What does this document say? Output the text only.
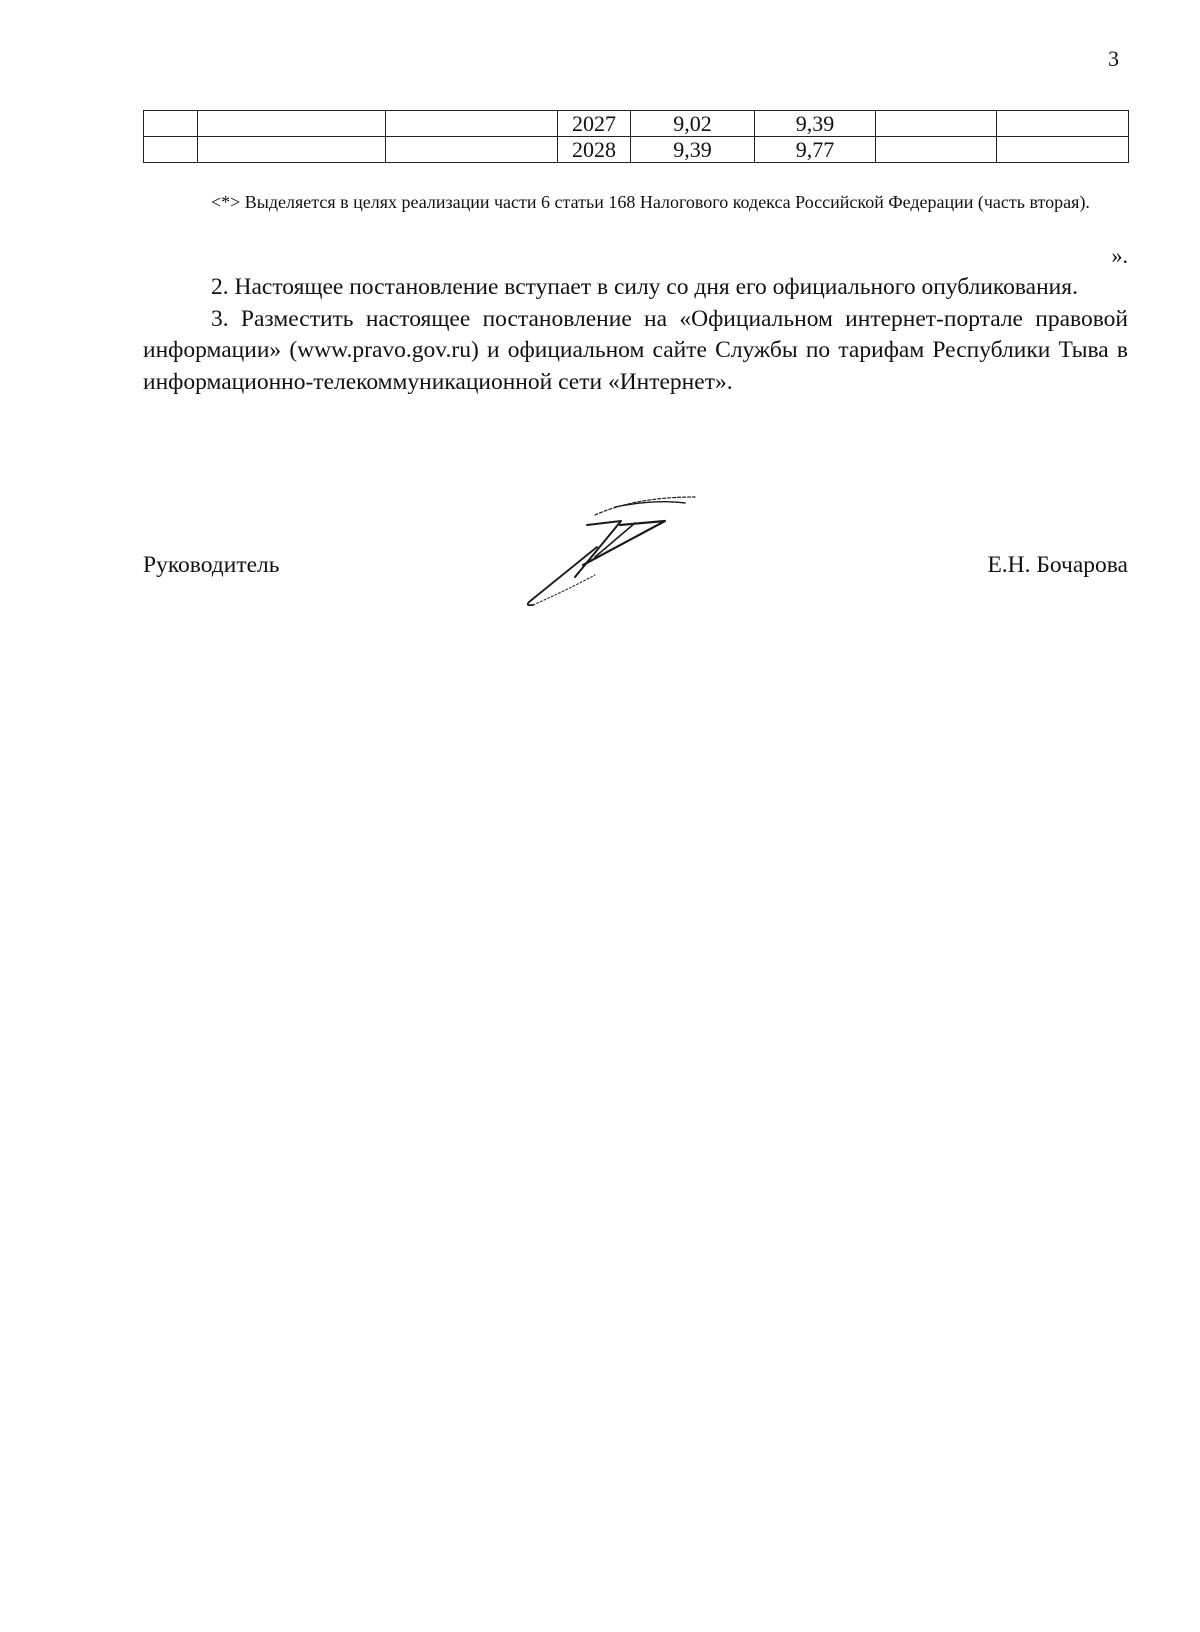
3
			2027	9,02	9,39		
			2028	9,39	9,77		

<*> Выделяется в целях реализации части 6 статьи 168 Налогового кодекса Российской Федерации (часть вторая).

».

2. Настоящее постановление вступает в силу со дня его официального опубликования.

3. Разместить настоящее постановление на «Официальном интернет-портале правовой информации» (www.pravo.gov.ru) и официальном сайте Службы по тарифам Республики Тыва в информационно-телекоммуникационной сети «Интернет».

Руководитель	Е.Н. Бочарова
